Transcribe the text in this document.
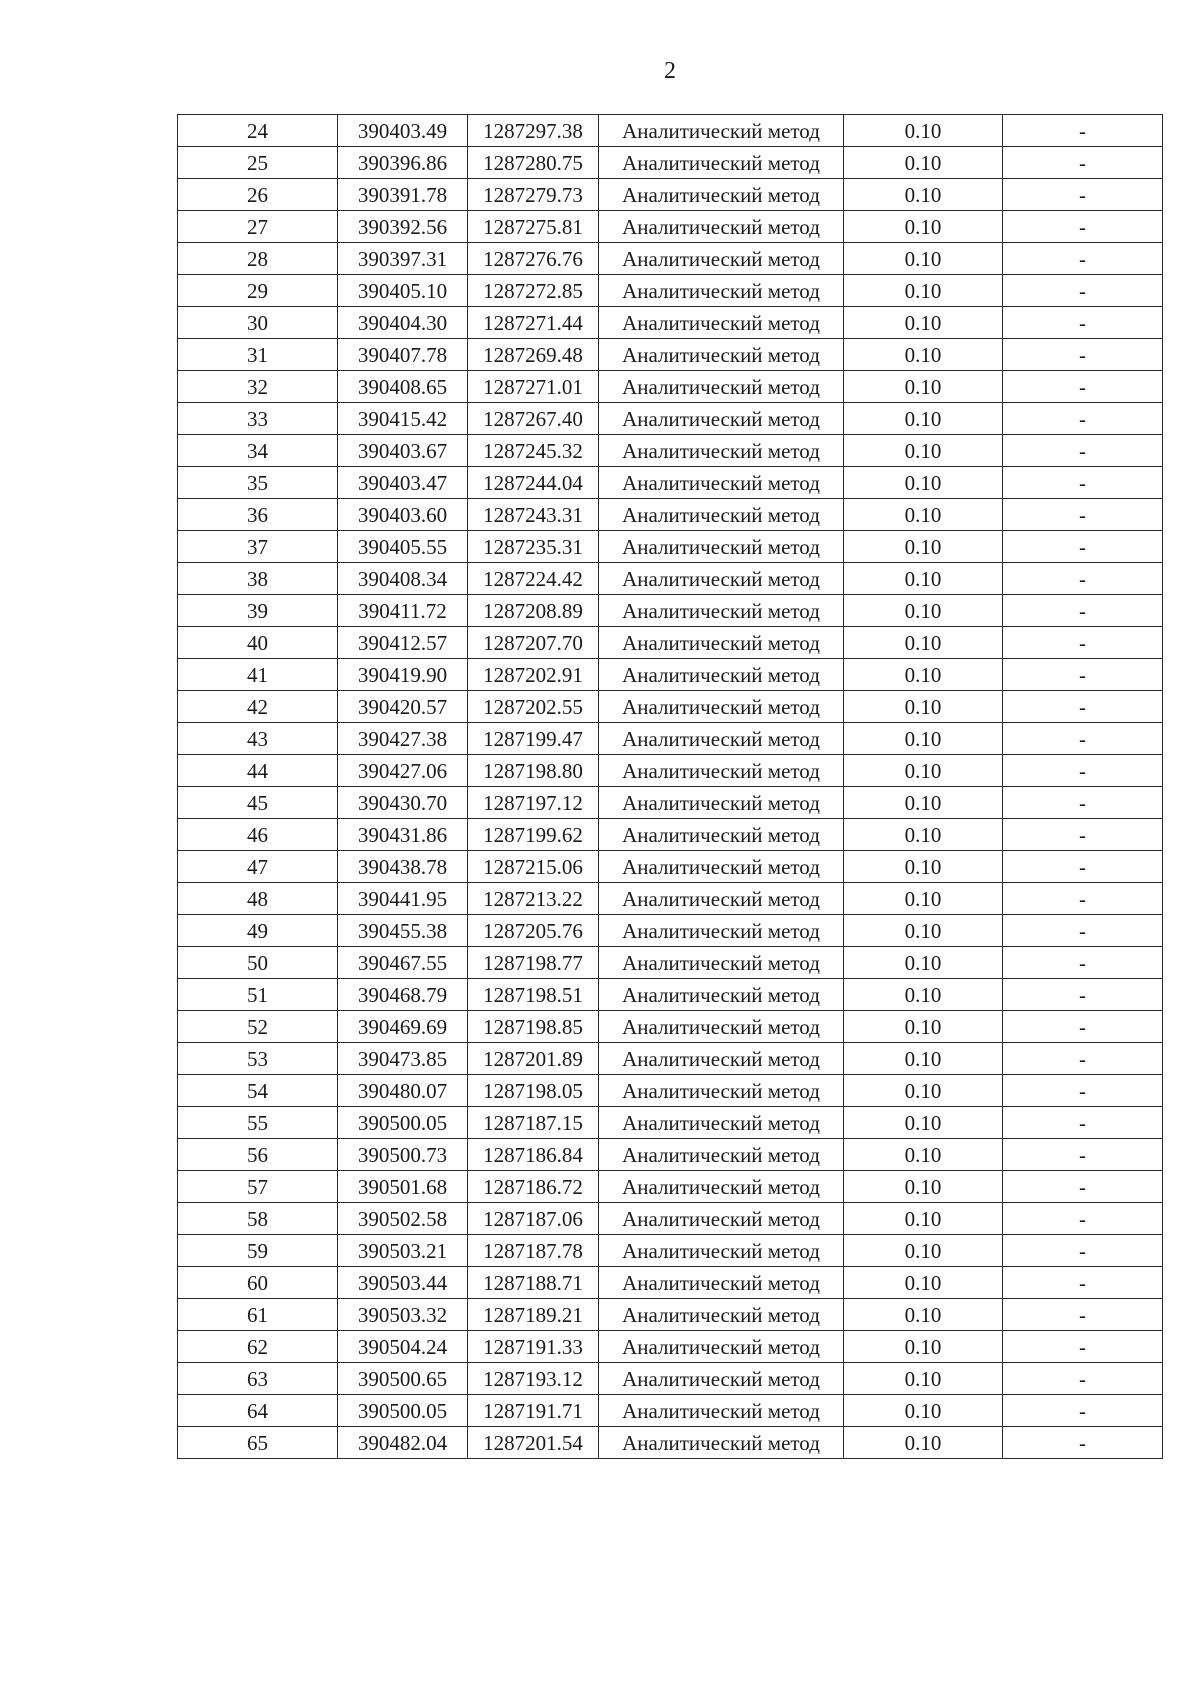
2
24	390403.49	1287297.38	Аналитический метод	0.10	-
25	390396.86	1287280.75	Аналитический метод	0.10	-
26	390391.78	1287279.73	Аналитический метод	0.10	-
27	390392.56	1287275.81	Аналитический метод	0.10	-
28	390397.31	1287276.76	Аналитический метод	0.10	-
29	390405.10	1287272.85	Аналитический метод	0.10	-
30	390404.30	1287271.44	Аналитический метод	0.10	-
31	390407.78	1287269.48	Аналитический метод	0.10	-
32	390408.65	1287271.01	Аналитический метод	0.10	-
33	390415.42	1287267.40	Аналитический метод	0.10	-
34	390403.67	1287245.32	Аналитический метод	0.10	-
35	390403.47	1287244.04	Аналитический метод	0.10	-
36	390403.60	1287243.31	Аналитический метод	0.10	-
37	390405.55	1287235.31	Аналитический метод	0.10	-
38	390408.34	1287224.42	Аналитический метод	0.10	-
39	390411.72	1287208.89	Аналитический метод	0.10	-
40	390412.57	1287207.70	Аналитический метод	0.10	-
41	390419.90	1287202.91	Аналитический метод	0.10	-
42	390420.57	1287202.55	Аналитический метод	0.10	-
43	390427.38	1287199.47	Аналитический метод	0.10	-
44	390427.06	1287198.80	Аналитический метод	0.10	-
45	390430.70	1287197.12	Аналитический метод	0.10	-
46	390431.86	1287199.62	Аналитический метод	0.10	-
47	390438.78	1287215.06	Аналитический метод	0.10	-
48	390441.95	1287213.22	Аналитический метод	0.10	-
49	390455.38	1287205.76	Аналитический метод	0.10	-
50	390467.55	1287198.77	Аналитический метод	0.10	-
51	390468.79	1287198.51	Аналитический метод	0.10	-
52	390469.69	1287198.85	Аналитический метод	0.10	-
53	390473.85	1287201.89	Аналитический метод	0.10	-
54	390480.07	1287198.05	Аналитический метод	0.10	-
55	390500.05	1287187.15	Аналитический метод	0.10	-
56	390500.73	1287186.84	Аналитический метод	0.10	-
57	390501.68	1287186.72	Аналитический метод	0.10	-
58	390502.58	1287187.06	Аналитический метод	0.10	-
59	390503.21	1287187.78	Аналитический метод	0.10	-
60	390503.44	1287188.71	Аналитический метод	0.10	-
61	390503.32	1287189.21	Аналитический метод	0.10	-
62	390504.24	1287191.33	Аналитический метод	0.10	-
63	390500.65	1287193.12	Аналитический метод	0.10	-
64	390500.05	1287191.71	Аналитический метод	0.10	-
65	390482.04	1287201.54	Аналитический метод	0.10	-
